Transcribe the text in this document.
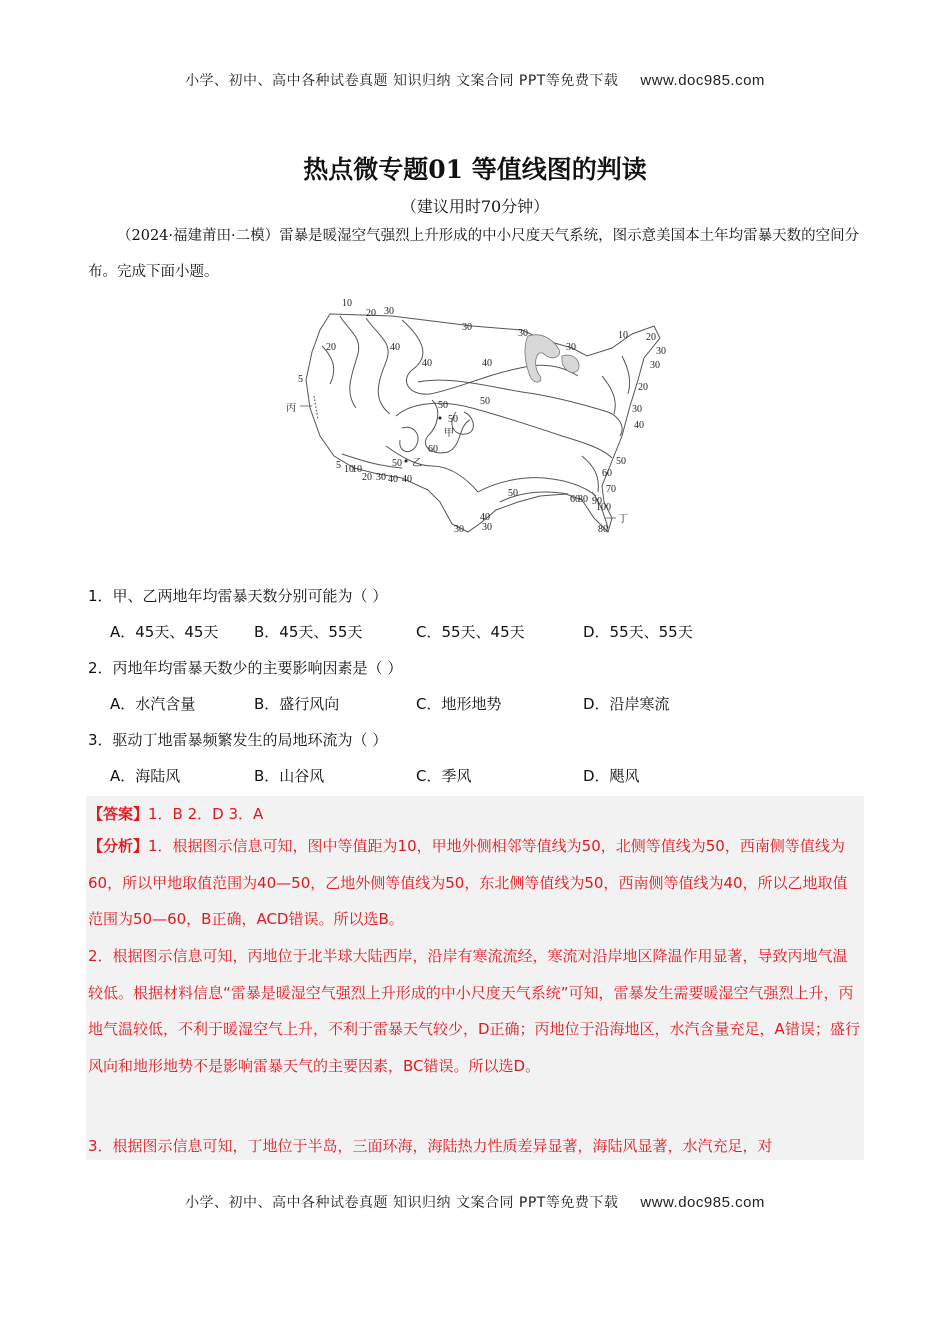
小学、初中、高中各种试卷真题 知识归纳 文案合同 PPT等免费下载 www.doc985.com
热点微专题01 等值线图的判读
（建议用时70分钟）
（2024·福建莆田·二模）雷暴是暖湿空气强烈上升形成的中小尺度天气系统，图示意美国本土年均雷暴天数的空间分布。完成下面小题。
10
20 30
30
30
30
20	40
40	40
50
5
50
50
60
50	50
5 10
10
20 30 40 40
60
70
50
60
80 90
100
40
30
30	80
20
30
40
30
30
20
10
丙
甲
乙
丁
1．甲、乙两地年均雷暴天数分别可能为（ ）
A．45天、45天 B．45天、55天	C．55天、45天	D．55天、55天
2．丙地年均雷暴天数少的主要影响因素是（ ）
A．水汽含量	B．盛行风向	C．地形地势	D．沿岸寒流
3．驱动丁地雷暴频繁发生的局地环流为（ ）
A．海陆风	B．山谷风	C．季风	D．飓风
【答案】1．B 2．D 3．A
【分析】1．根据图示信息可知，图中等值距为10，甲地外侧相邻等值线为50，北侧等值线为50，西南侧等值线为60，所以甲地取值范围为40—50，乙地外侧等值线为50，东北侧等值线为50，西南侧等值线为40，所以乙地取值范围为50—60，B正确，ACD错误。所以选B。
2．根据图示信息可知，丙地位于北半球大陆西岸，沿岸有寒流流经，寒流对沿岸地区降温作用显著，导致丙地气温较低。根据材料信息“雷暴是暖湿空气强烈上升形成的中小尺度天气系统”可知，雷暴发生需要暖湿空气强烈上升，丙地气温较低，不利于暖湿空气上升，不利于雷暴天气较少，D正确；丙地位于沿海地区，水汽含量充足，A错误；盛行风向和地形地势不是影响雷暴天气的主要因素，BC错误。所以选D。
3．根据图示信息可知，丁地位于半岛，三面环海，海陆热力性质差异显著，海陆风显著，水汽充足，对
小学、初中、高中各种试卷真题 知识归纳 文案合同 PPT等免费下载 www.doc985.com
